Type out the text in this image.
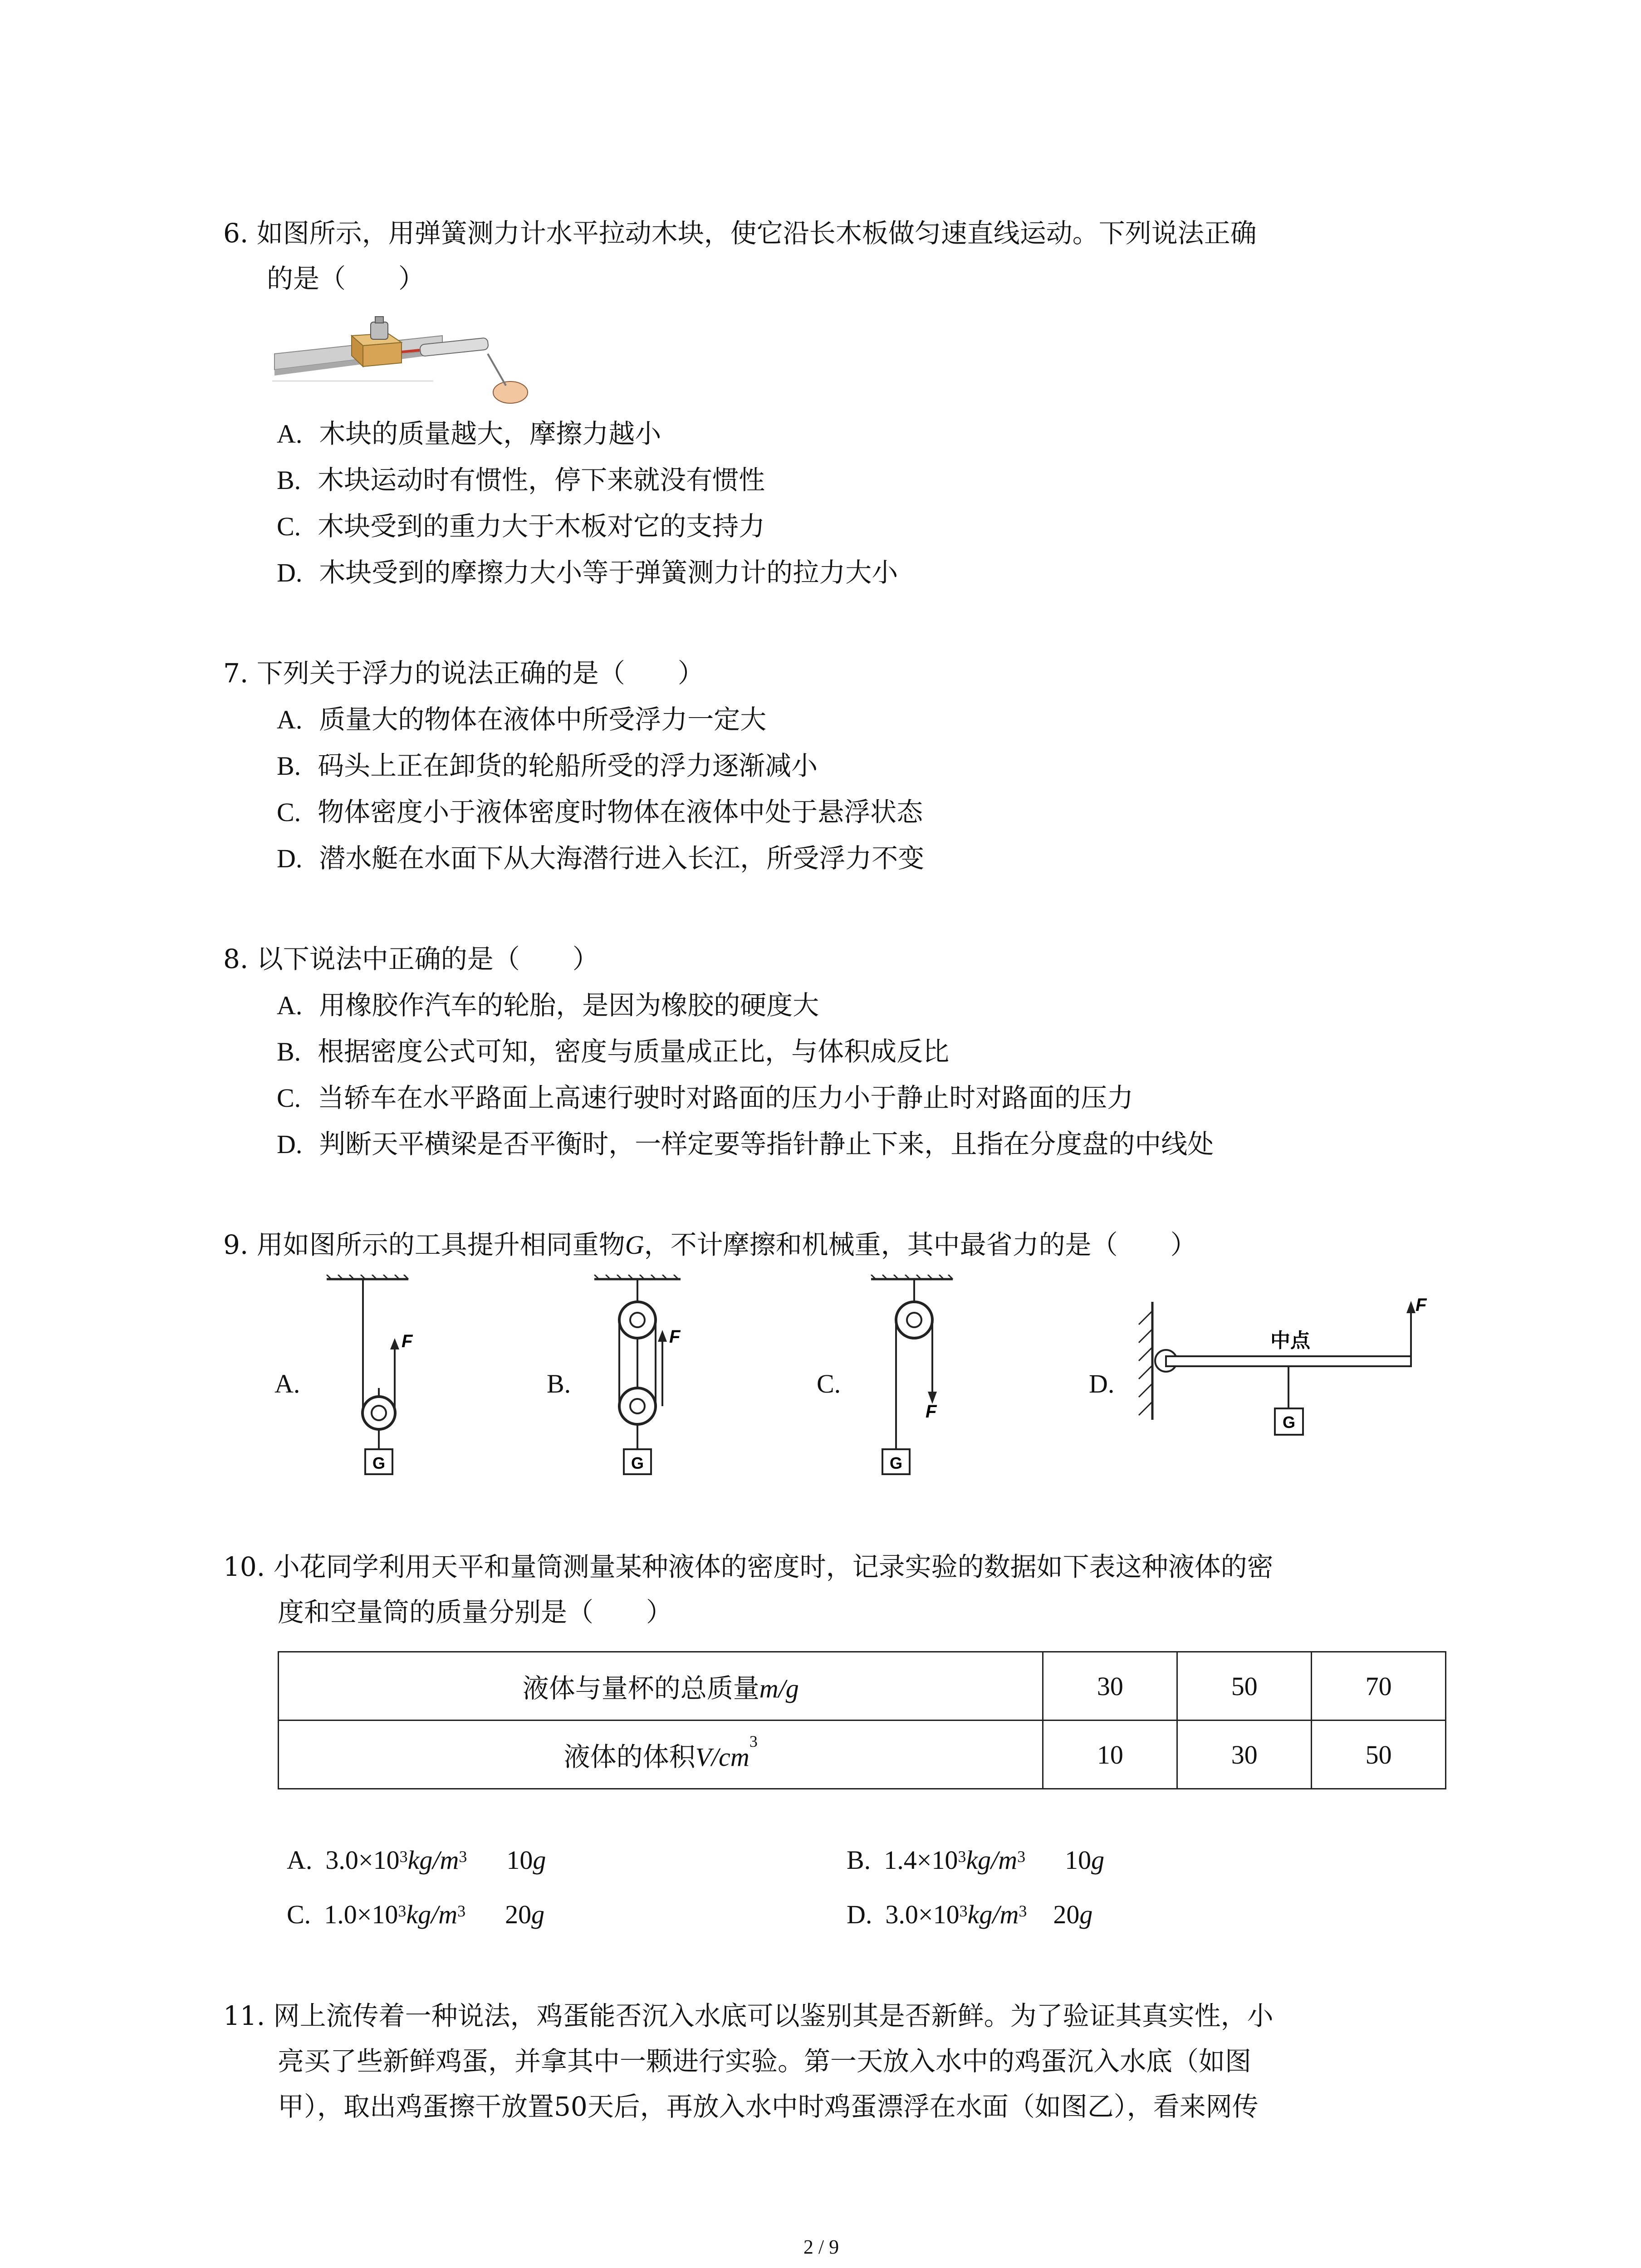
6. 如图所示，用弹簧测力计水平拉动木块，使它沿长木板做匀速直线运动。下列说法正确
的是（　　）
A. 木块的质量越大，摩擦力越小
B. 木块运动时有惯性，停下来就没有惯性
C. 木块受到的重力大于木板对它的支持力
D. 木块受到的摩擦力大小等于弹簧测力计的拉力大小
7. 下列关于浮力的说法正确的是（　　）
A. 质量大的物体在液体中所受浮力一定大
B. 码头上正在卸货的轮船所受的浮力逐渐减小
C. 物体密度小于液体密度时物体在液体中处于悬浮状态
D. 潜水艇在水面下从大海潜行进入长江，所受浮力不变
8. 以下说法中正确的是（　　）
A. 用橡胶作汽车的轮胎，是因为橡胶的硬度大
B. 根据密度公式可知，密度与质量成正比，与体积成反比
C. 当轿车在水平路面上高速行驶时对路面的压力小于静止时对路面的压力
D. 判断天平横梁是否平衡时，一样定要等指针静止下来，且指在分度盘的中线处
9. 用如图所示的工具提升相同重物G，不计摩擦和机械重，其中最省力的是（　　）
A.	B.	C.	D.
G
F
G
F
G
F
G
中点
F
10. 小花同学利用天平和量筒测量某种液体的密度时，记录实验的数据如下表这种液体的密
度和空量筒的质量分别是（　　）
液体与量杯的总质量m/g	30	50	70
液体的体积$V/cm^3$	10	30	50
A. $3.0\times 10^3kg/m^3$ 10g	B. $1.4\times 10^3kg/m^3$ 10g
C. $1.0\times 10^3kg/m^3$ 20g	D. $3.0\times 10^3kg/m^3$ 20g
11. 网上流传着一种说法，鸡蛋能否沉入水底可以鉴别其是否新鲜。为了验证其真实性，小
亮买了些新鲜鸡蛋，并拿其中一颗进行实验。第一天放入水中的鸡蛋沉入水底（如图
甲），取出鸡蛋擦干放置50天后，再放入水中时鸡蛋漂浮在水面（如图乙），看来网传
2 / 9
